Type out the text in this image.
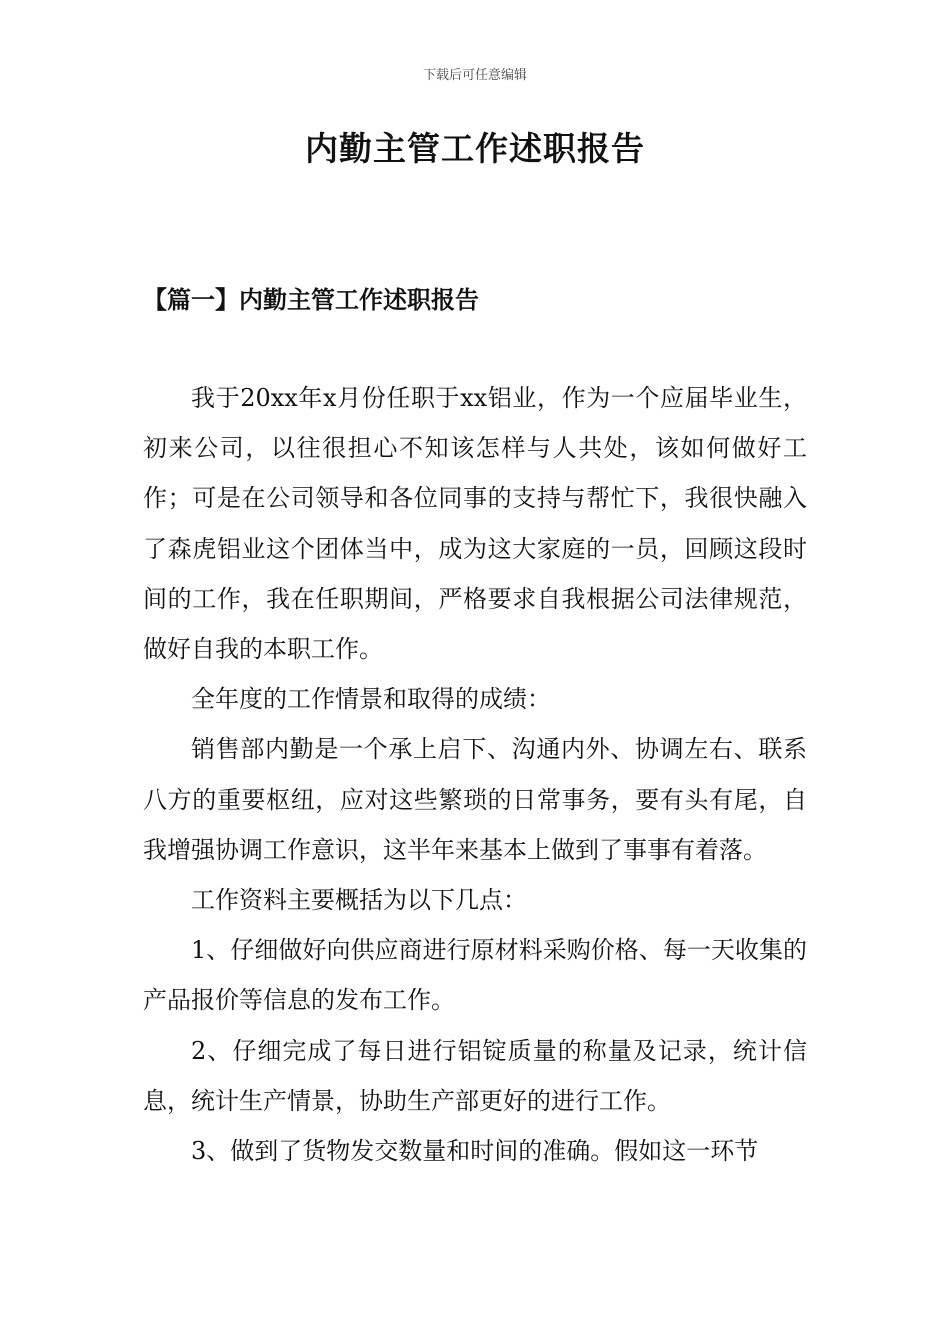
下载后可任意编辑
内勤主管工作述职报告
【篇一】内勤主管工作述职报告

我于20xx年x月份任职于xx铝业，作为一个应届毕业生，初来公司，以往很担心不知该怎样与人共处，该如何做好工作；可是在公司领导和各位同事的支持与帮忙下，我很快融入了森虎铝业这个团体当中，成为这大家庭的一员，回顾这段时间的工作，我在任职期间，严格要求自我根据公司法律规范，做好自我的本职工作。

全年度的工作情景和取得的成绩：

销售部内勤是一个承上启下、沟通内外、协调左右、联系八方的重要枢纽，应对这些繁琐的日常事务，要有头有尾，自我增强协调工作意识，这半年来基本上做到了事事有着落。

工作资料主要概括为以下几点：

1、仔细做好向供应商进行原材料采购价格、每一天收集的产品报价等信息的发布工作。

2、仔细完成了每日进行铝锭质量的称量及记录，统计信息，统计生产情景，协助生产部更好的进行工作。

3、做到了货物发交数量和时间的准确。假如这一环节
